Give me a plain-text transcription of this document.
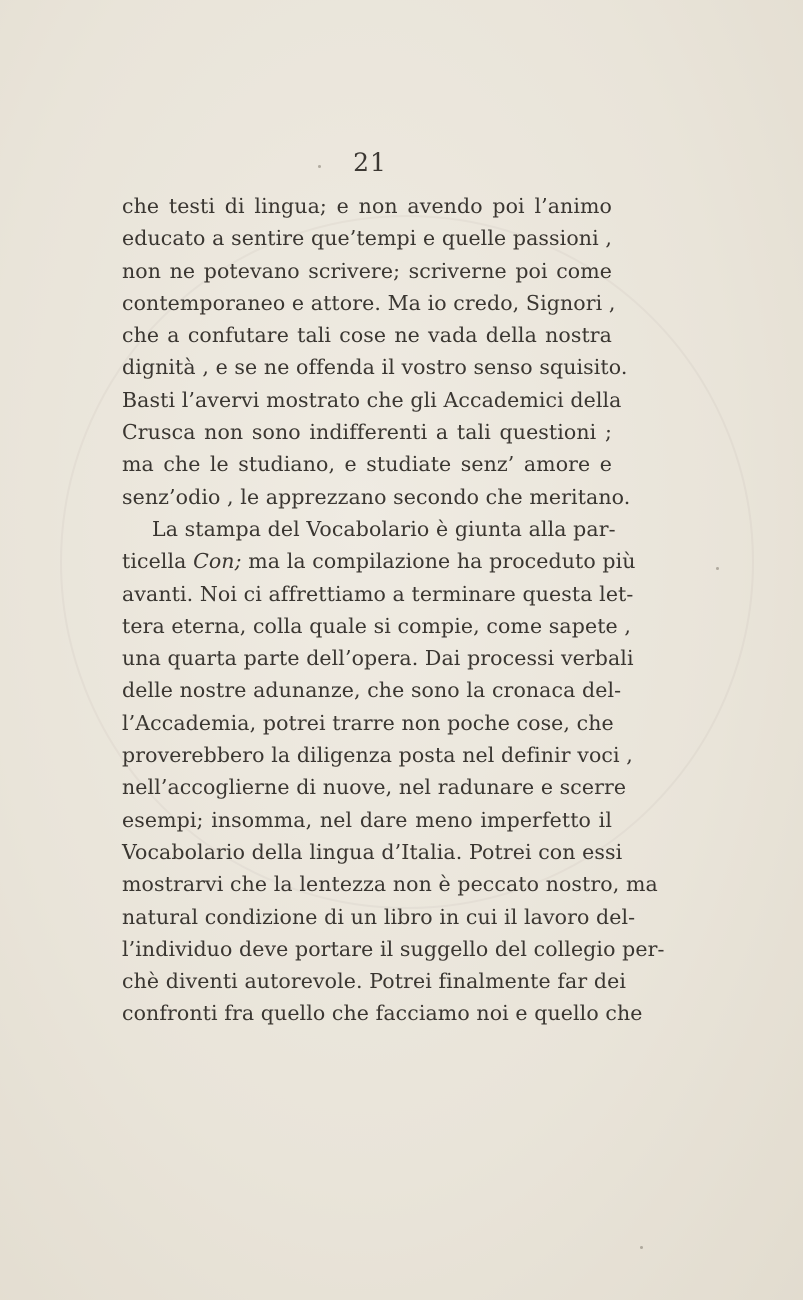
21
che testi di lingua; e non avendo poi l’animo
educato a sentire que’tempi e quelle passioni ,
non ne potevano scrivere; scriverne poi come
contemporaneo e attore. Ma io credo, Signori ,
che a confutare tali cose ne vada della nostra
dignità , e se ne offenda il vostro senso squisito.
Basti l’avervi mostrato che gli Accademici della
Crusca non sono indifferenti a tali questioni ;
ma che le studiano, e studiate senz’ amore e
senz’odio , le apprezzano secondo che meritano.
La stampa del Vocabolario è giunta alla par-
ticella Con; ma la compilazione ha proceduto più
avanti. Noi ci affrettiamo a terminare questa let-
tera eterna, colla quale si compie, come sapete ,
una quarta parte dell’opera. Dai processi verbali
delle nostre adunanze, che sono la cronaca del-
l’Accademia, potrei trarre non poche cose, che
proverebbero la diligenza posta nel definir voci ,
nell’accoglierne di nuove, nel radunare e scerre
esempi; insomma, nel dare meno imperfetto il
Vocabolario della lingua d’Italia. Potrei con essi
mostrarvi che la lentezza non è peccato nostro, ma
natural condizione di un libro in cui il lavoro del-
l’individuo deve portare il suggello del collegio per-
chè diventi autorevole. Potrei finalmente far dei
confronti fra quello che facciamo noi e quello che
